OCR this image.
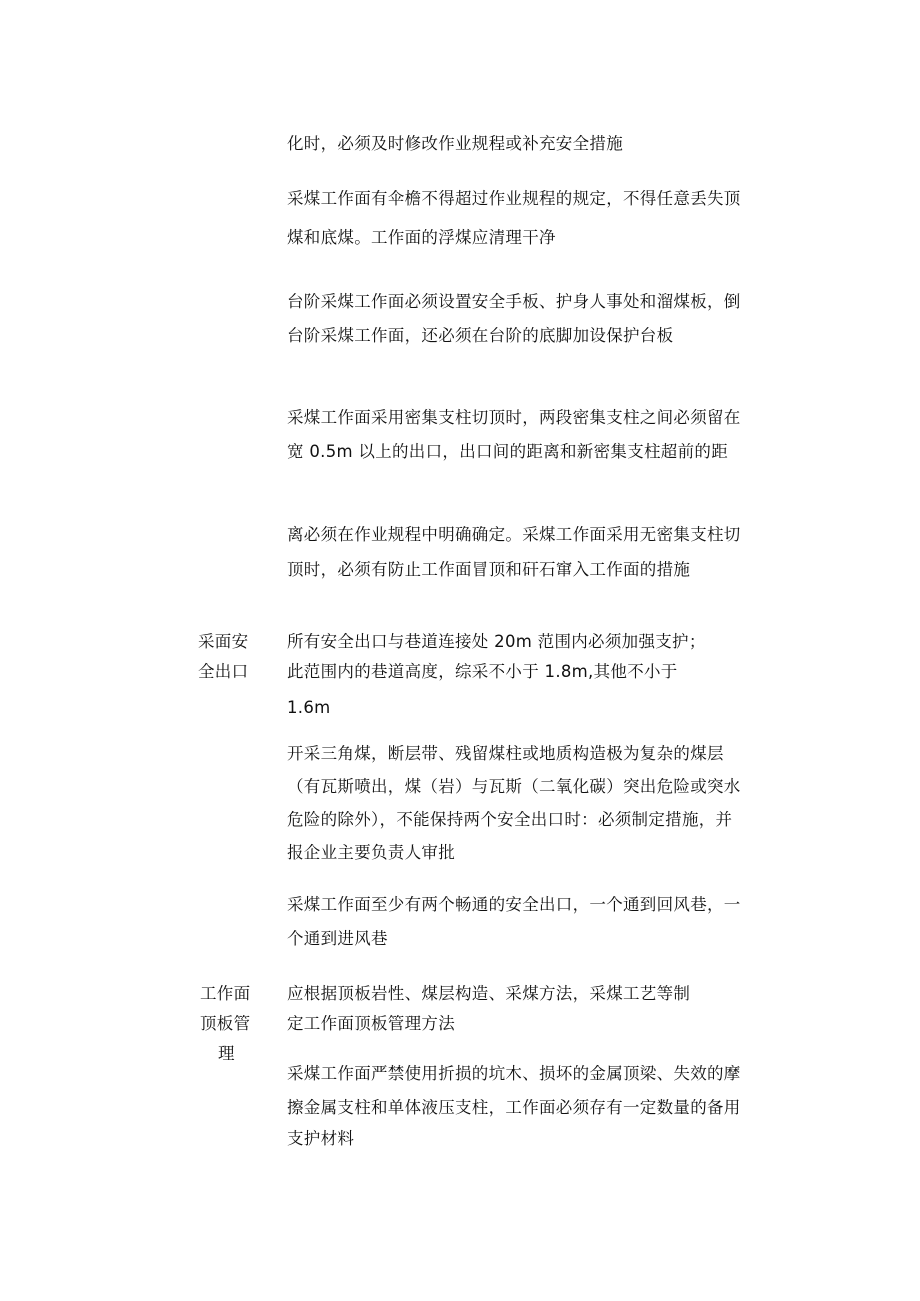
化时，必须及时修改作业规程或补充安全措施
采煤工作面有伞檐不得超过作业规程的规定，不得任意丢失顶
煤和底煤。工作面的浮煤应清理干净
台阶采煤工作面必须设置安全手板、护身人事处和溜煤板，倒
台阶采煤工作面，还必须在台阶的底脚加设保护台板
采煤工作面采用密集支柱切顶时，两段密集支柱之间必须留在
宽 0.5m 以上的出口，出口间的距离和新密集支柱超前的距
离必须在作业规程中明确确定。采煤工作面采用无密集支柱切
顶时，必须有防止工作面冒顶和矸石窜入工作面的措施
采面安
全出口
所有安全出口与巷道连接处 20m 范围内必须加强支护；
此范围内的巷道高度，综采不小于 1.8m,其他不小于
1.6m
开采三角煤，断层带、残留煤柱或地质构造极为复杂的煤层
（有瓦斯喷出，煤（岩）与瓦斯（二氧化碳）突出危险或突水
危险的除外），不能保持两个安全出口时：必须制定措施，并
报企业主要负责人审批
采煤工作面至少有两个畅通的安全出口，一个通到回风巷，一
个通到进风巷
工作面
顶板管
理
应根据顶板岩性、煤层构造、采煤方法，采煤工艺等制
定工作面顶板管理方法
采煤工作面严禁使用折损的坑木、损坏的金属顶梁、失效的摩
擦金属支柱和单体液压支柱，工作面必须存有一定数量的备用
支护材料
